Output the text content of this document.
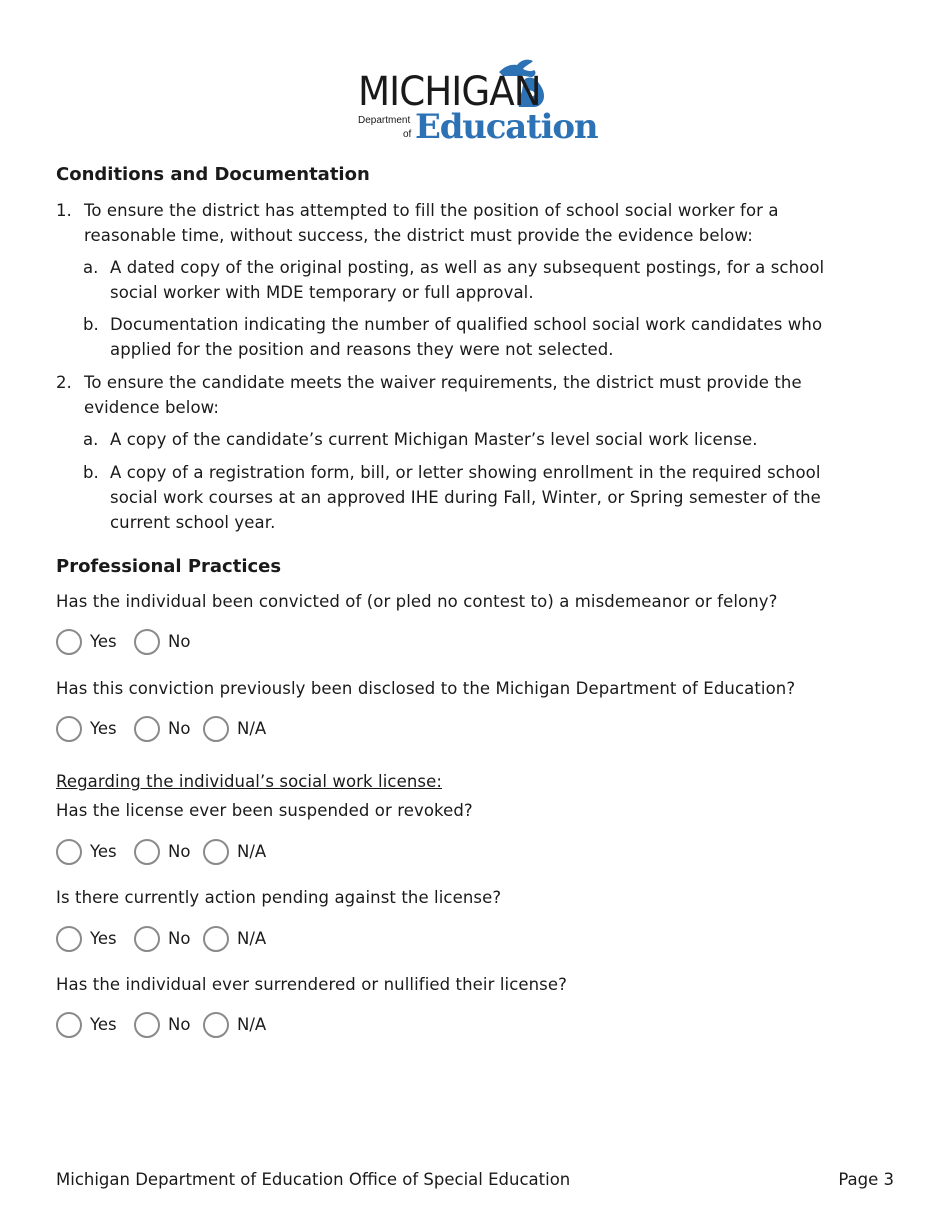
MICHIGAN
Department
of Education
Conditions and Documentation
1. To ensure the district has attempted to fill the position of school social worker for a
reasonable time, without success, the district must provide the evidence below:
a. A dated copy of the original posting, as well as any subsequent postings, for a school
social worker with MDE temporary or full approval.
b. Documentation indicating the number of qualified school social work candidates who
applied for the position and reasons they were not selected.
2. To ensure the candidate meets the waiver requirements, the district must provide the
evidence below:
a. A copy of the candidate’s current Michigan Master’s level social work license.
b. A copy of a registration form, bill, or letter showing enrollment in the required school
social work courses at an approved IHE during Fall, Winter, or Spring semester of the
current school year.
Professional Practices
Has the individual been convicted of (or pled no contest to) a misdemeanor or felony?
Yes	No
Has this conviction previously been disclosed to the Michigan Department of Education?
Yes	No	N/A
Regarding the individual’s social work license:
Has the license ever been suspended or revoked?
Yes	No	N/A
Is there currently action pending against the license?
Yes	No	N/A
Has the individual ever surrendered or nullified their license?
Yes	No	N/A
Michigan Department of Education Office of Special Education	Page 3
